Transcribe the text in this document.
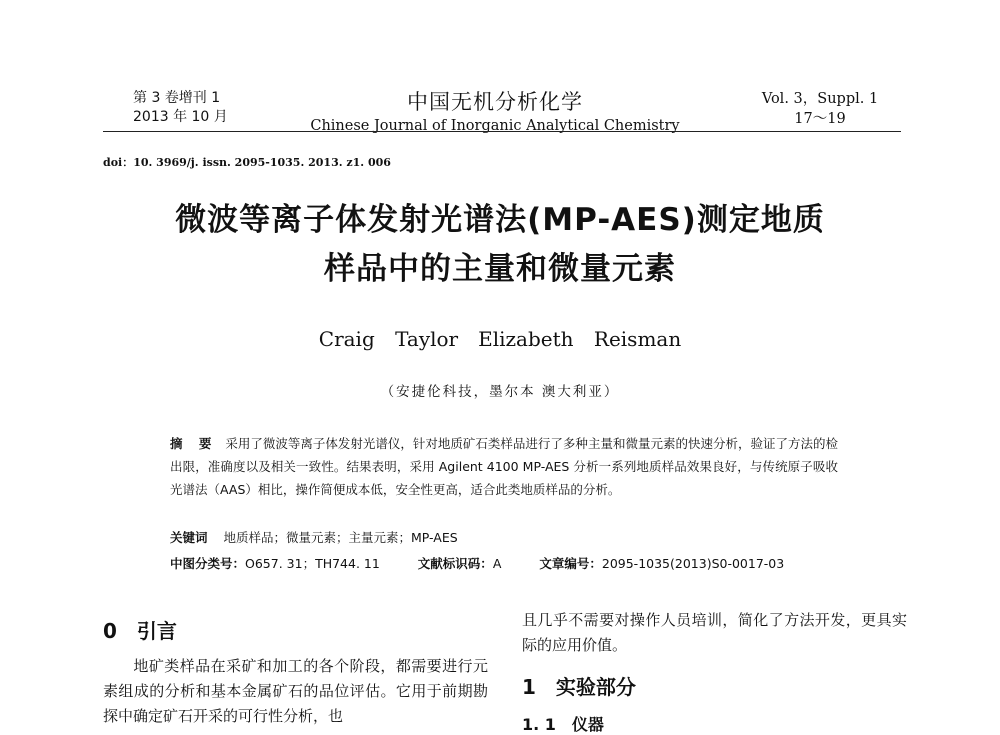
第 3 卷增刊 1
2013 年 10 月
中国无机分析化学
Chinese Journal of Inorganic Analytical Chemistry
Vol. 3，Suppl. 1
17～19
doi：10. 3969/j. issn. 2095-1035. 2013. z1. 006
微波等离子体发射光谱法(MP-AES)测定地质
样品中的主量和微量元素
Craig Taylor　Elizabeth Reisman
（安捷伦科技，墨尔本 澳大利亚）
摘 要 采用了微波等离子体发射光谱仪，针对地质矿石类样品进行了多种主量和微量元素的快速分析，验证了方法的检出限，准确度以及相关一致性。结果表明，采用 Agilent 4100 MP-AES 分析一系列地质样品效果良好，与传统原子吸收光谱法（AAS）相比，操作简便成本低，安全性更高，适合此类地质样品的分析。
关键词 地质样品；微量元素；主量元素；MP-AES
中图分类号：O657. 31；TH744. 11	文献标识码：A	文章编号：2095-1035(2013)S0-0017-03
0 引言
地矿类样品在采矿和加工的各个阶段，都需要进行元素组成的分析和基本金属矿石的品位评估。它用于前期勘探中确定矿石开采的可行性分析，也
且几乎不需要对操作人员培训，简化了方法开发，更具实际的应用价值。
1 实验部分
1. 1 仪器
